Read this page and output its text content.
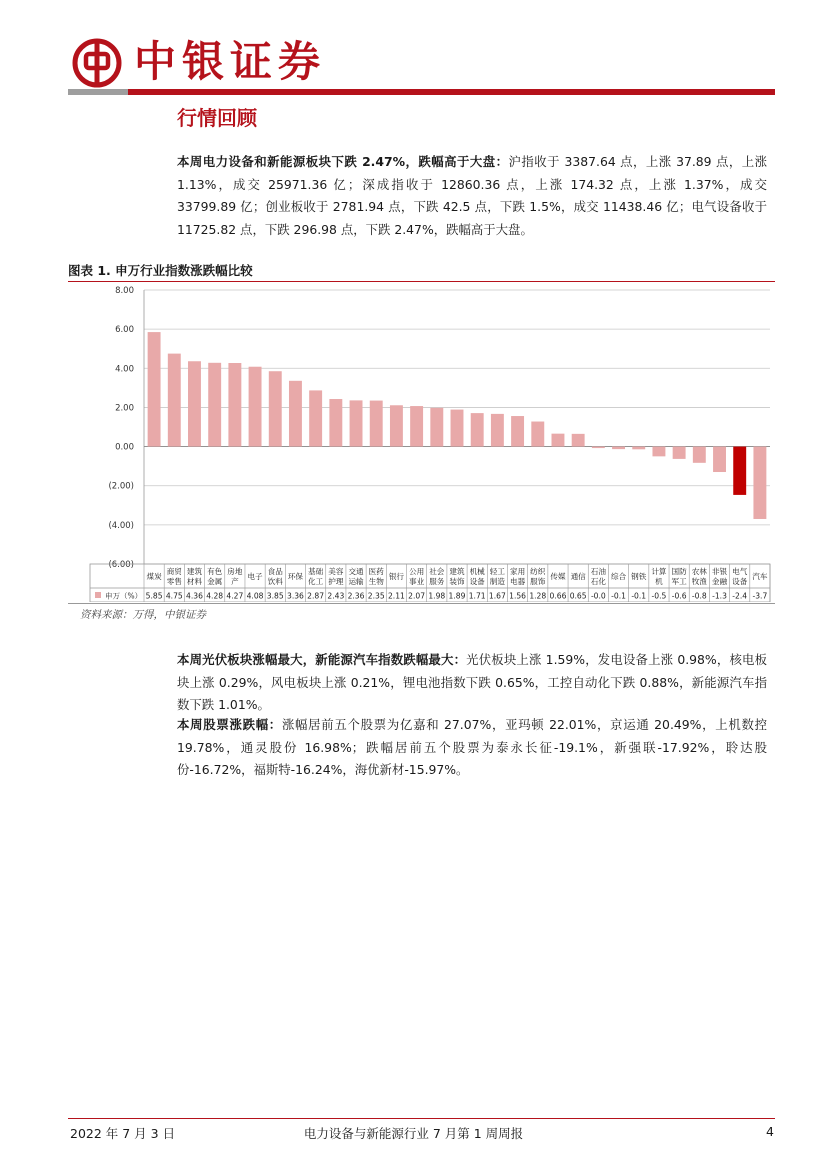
中银证券
行情回顾
本周电力设备和新能源板块下跌 2.47%，跌幅高于大盘：沪指收于 3387.64 点，上涨 37.89 点，上涨 1.13%，成交 25971.36 亿；深成指收于 12860.36 点，上涨 174.32 点，上涨 1.37%，成交 33799.89 亿；创业板收于 2781.94 点，下跌 42.5 点，下跌 1.5%，成交 11438.46 亿；电气设备收于 11725.82 点，下跌 296.98 点，下跌 2.47%，跌幅高于大盘。
图表 1. 申万行业指数涨跌幅比较
8.00
6.00
4.00
2.00
0.00
(2.00)
(4.00)
(6.00)
申万（%）
煤炭
5.85
商贸零售
4.75
建筑材料
4.36
有色金属
4.28
房地产
4.27
电子
4.08
食品饮料
3.85
环保
3.36
基础化工
2.87
美容护理
2.43
交通运输
2.36
医药生物
2.35
银行
2.11
公用事业
2.07
社会服务
1.98
建筑装饰
1.89
机械设备
1.71
轻工制造
1.67
家用电器
1.56
纺织服饰
1.28
传媒
0.66
通信
0.65
石油石化
-0.0
综合
-0.1
钢铁
-0.1
计算机
-0.5
国防军工
-0.6
农林牧渔
-0.8
非银金融
-1.3
电气设备
-2.4
汽车
-3.7
资料来源：万得，中银证券
本周光伏板块涨幅最大，新能源汽车指数跌幅最大：光伏板块上涨 1.59%，发电设备上涨 0.98%，核电板块上涨 0.29%，风电板块上涨 0.21%，锂电池指数下跌 0.65%，工控自动化下跌 0.88%，新能源汽车指数下跌 1.01%。
本周股票涨跌幅：涨幅居前五个股票为亿嘉和 27.07%，亚玛顿 22.01%，京运通 20.49%，上机数控 19.78%，通灵股份 16.98%；跌幅居前五个股票为泰永长征-19.1%，新强联-17.92%，聆达股份-16.72%，福斯特-16.24%，海优新材-15.97%。
2022 年 7 月 3 日	电力设备与新能源行业 7 月第 1 周周报	4
